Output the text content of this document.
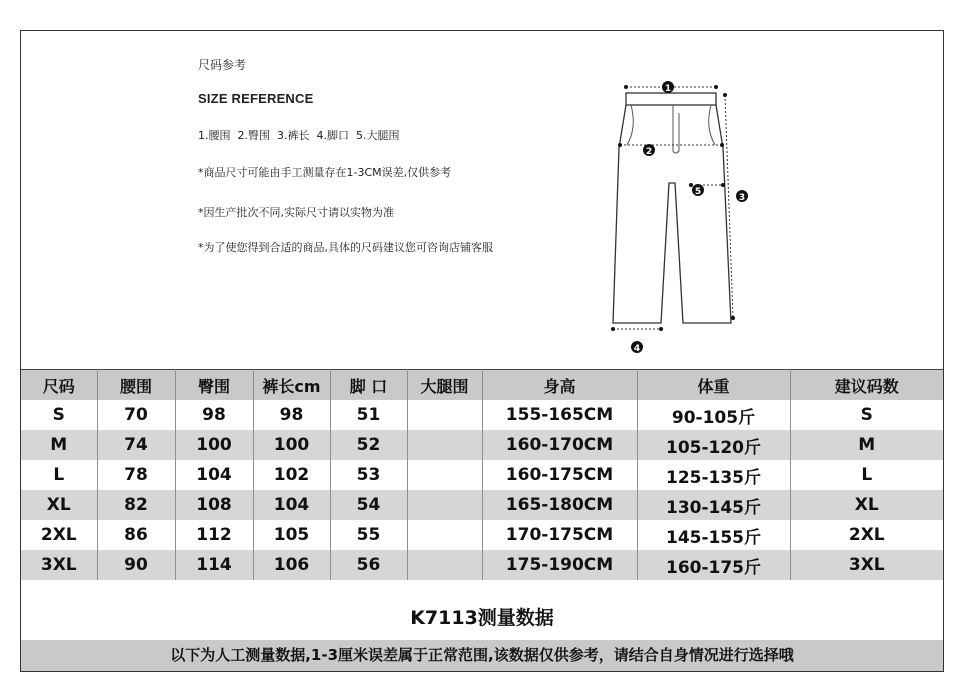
尺码参考
SIZE REFERENCE
1.腰围  2.臀围  3.裤长  4.脚口  5.大腿围
*商品尺寸可能由手工测量存在1-3CM误差,仅供参考
*因生产批次不同,实际尺寸请以实物为准
*为了使您得到合适的商品,具体的尺码建议您可咨询店铺客服
1
2
3
4
5
尺码	腰围	臀围	裤长cm	脚 口	大腿围	身高	体重	建议码数
S	70	98	98	51		155-165CM	90-105斤	S
M	74	100	100	52		160-170CM	105-120斤	M
L	78	104	102	53		160-175CM	125-135斤	L
XL	82	108	104	54		165-180CM	130-145斤	XL
2XL	86	112	105	55		170-175CM	145-155斤	2XL
3XL	90	114	106	56		175-190CM	160-175斤	3XL
K7113测量数据
以下为人工测量数据,1-3厘米误差属于正常范围,该数据仅供参考，请结合自身情况进行选择哦
